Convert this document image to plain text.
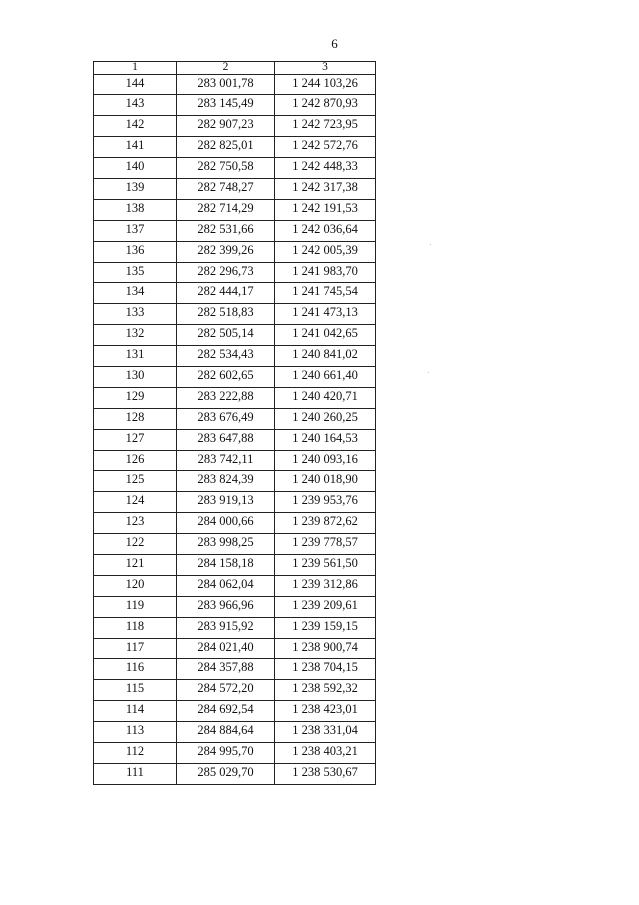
6
1	2	3
144	283 001,78	1 244 103,26
143	283 145,49	1 242 870,93
142	282 907,23	1 242 723,95
141	282 825,01	1 242 572,76
140	282 750,58	1 242 448,33
139	282 748,27	1 242 317,38
138	282 714,29	1 242 191,53
137	282 531,66	1 242 036,64
136	282 399,26	1 242 005,39
135	282 296,73	1 241 983,70
134	282 444,17	1 241 745,54
133	282 518,83	1 241 473,13
132	282 505,14	1 241 042,65
131	282 534,43	1 240 841,02
130	282 602,65	1 240 661,40
129	283 222,88	1 240 420,71
128	283 676,49	1 240 260,25
127	283 647,88	1 240 164,53
126	283 742,11	1 240 093,16
125	283 824,39	1 240 018,90
124	283 919,13	1 239 953,76
123	284 000,66	1 239 872,62
122	283 998,25	1 239 778,57
121	284 158,18	1 239 561,50
120	284 062,04	1 239 312,86
119	283 966,96	1 239 209,61
118	283 915,92	1 239 159,15
117	284 021,40	1 238 900,74
116	284 357,88	1 238 704,15
115	284 572,20	1 238 592,32
114	284 692,54	1 238 423,01
113	284 884,64	1 238 331,04
112	284 995,70	1 238 403,21
111	285 029,70	1 238 530,67
